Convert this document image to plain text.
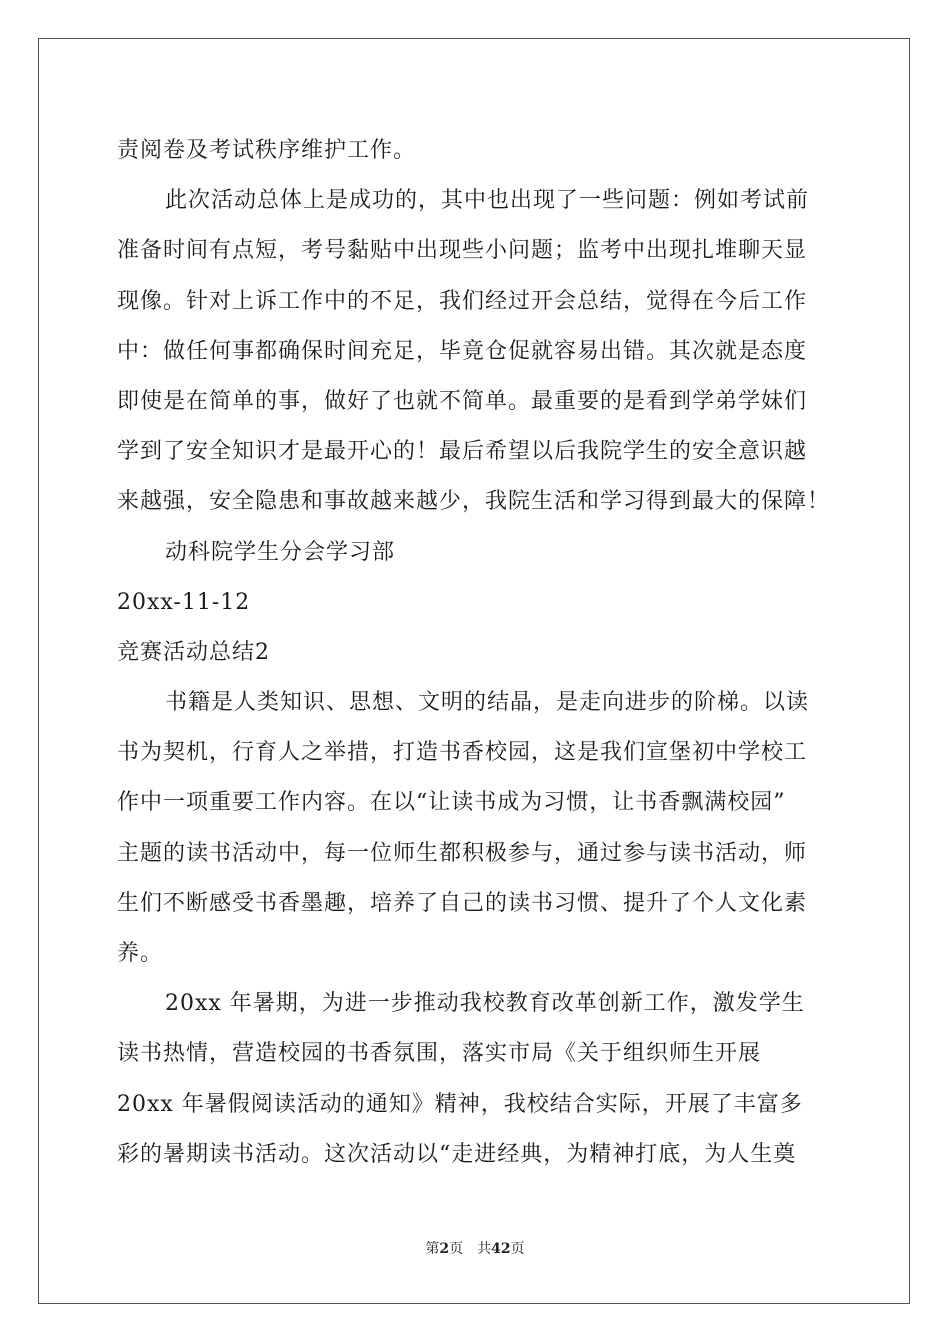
责阅卷及考试秩序维护工作。
此次活动总体上是成功的，其中也出现了一些问题：例如考试前
准备时间有点短，考号黏贴中出现些小问题；监考中出现扎堆聊天显
现像。针对上诉工作中的不足，我们经过开会总结，觉得在今后工作
中：做任何事都确保时间充足，毕竟仓促就容易出错。其次就是态度
即使是在简单的事，做好了也就不简单。最重要的是看到学弟学妹们
学到了安全知识才是最开心的！最后希望以后我院学生的安全意识越
来越强，安全隐患和事故越来越少，我院生活和学习得到最大的保障！
动科院学生分会学习部
20xx-11-12
竞赛活动总结2
书籍是人类知识、思想、文明的结晶，是走向进步的阶梯。以读
书为契机，行育人之举措，打造书香校园，这是我们宣堡初中学校工
作中一项重要工作内容。在以“让读书成为习惯，让书香飘满校园”
主题的读书活动中，每一位师生都积极参与，通过参与读书活动，师
生们不断感受书香墨趣，培养了自己的读书习惯、提升了个人文化素
养。
20xx 年暑期，为进一步推动我校教育改革创新工作，激发学生
读书热情，营造校园的书香氛围，落实市局《关于组织师生开展
20xx 年暑假阅读活动的通知》精神，我校结合实际，开展了丰富多
彩的暑期读书活动。这次活动以“走进经典，为精神打底，为人生奠
第2页 共42页
